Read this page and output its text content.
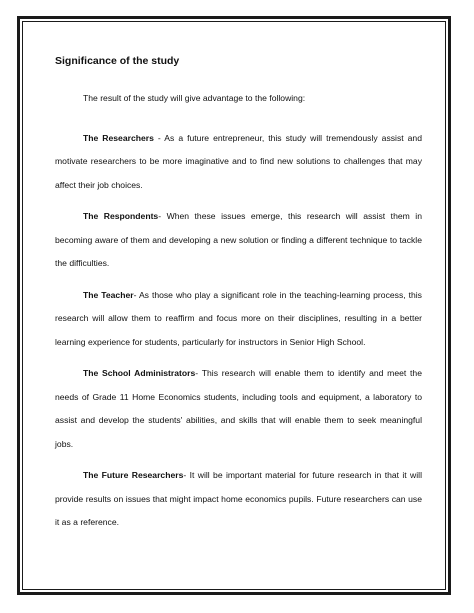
Significance of the study

The result of the study will give advantage to the following:

The Researchers - As a future entrepreneur, this study will tremendously assist and motivate researchers to be more imaginative and to find new solutions to challenges that may affect their job choices.

The Respondents- When these issues emerge, this research will assist them in becoming aware of them and developing a new solution or finding a different technique to tackle the difficulties.

The Teacher- As those who play a significant role in the teaching-learning process, this research will allow them to reaffirm and focus more on their disciplines, resulting in a better learning experience for students, particularly for instructors in Senior High School.

The School Administrators- This research will enable them to identify and meet the needs of Grade 11 Home Economics students, including tools and equipment, a laboratory to assist and develop the students' abilities, and skills that will enable them to seek meaningful jobs.

The Future Researchers- It will be important material for future research in that it will provide results on issues that might impact home economics pupils. Future researchers can use it as a reference.
